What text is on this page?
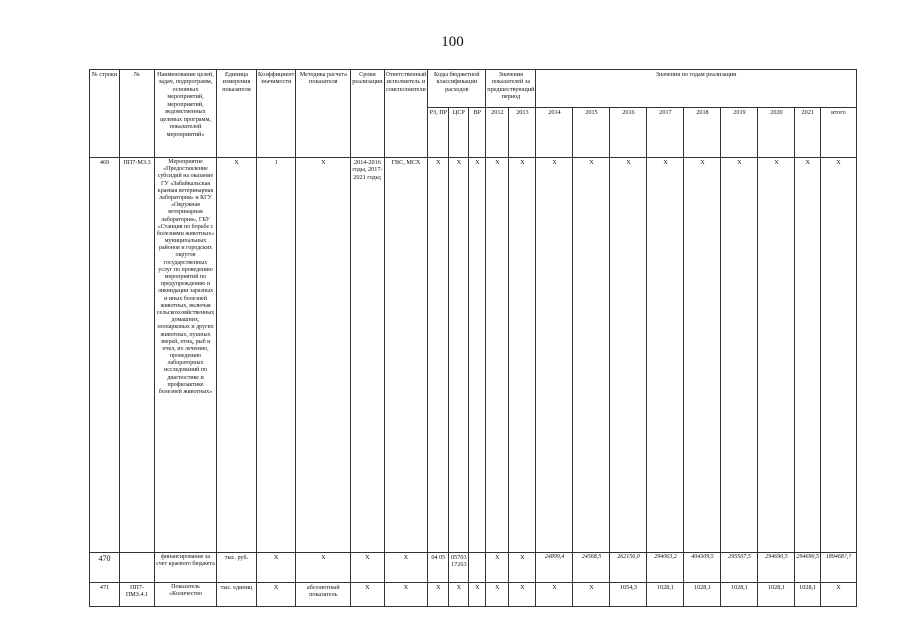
100
№ строки	№	Наименование целей, задач, подпрограмм, основных мероприятий, мероприятий, ведомственных целевых программ, показателей мероприятий»	Единица измерения показателя	Коэффициент значимости	Методика расчета показателя	Сроки реализации	Ответственный исполнитель и соисполнители	Коды бюджетной классификации расходов			Значения показателей за предшествующий период		Значения по годам реализации								
								РЗ, ПР	ЦСР	ВР	2012	2013	2014	2015	2016	2017	2018	2019	2020	2021	итого
469	ПП7-МЗ.3	Мероприятие «Предоставление субсидий на оказание ГУ «Забайкальская краевая ветеринарная лаборатория» и КГУ «Окружная ветеринарная лаборатория», ГБУ «Станция по борьбе с болезнями животных» муниципальных районов и городских округов государственных услуг по проведению мероприятий по предупреждению и ликвидации заразных и иных болезней животных, включая сельскохозяйственных домашних, зоопарковых и других животных, пушных зверей, птиц, рыб и пчел, их лечению, проведению лабораторных исследований по диагностике и профилактике болезней животных»	Х	1	Х	2014-2016 годы, 2017-2021 годы;	ГВС, МСХ	Х	Х	Х	Х	Х	Х	Х	Х	Х	Х	Х	Х	Х	Х
470		финансирование за счет краевого бюджета	тыс. руб.	Х	Х	Х	Х	04 05	05703 17263		Х	Х	24899,4	24568,5	262156,0	294063,2	404309,5	295507,5	294690,5	294690,5	189468?,?
471	ПП7-ПМЗ.4.1	Показатель «Количество	тыс. единиц	Х	абсолютный показатель	Х	Х	Х	Х	Х	Х	Х	Х	Х	1054,3	1028,1	1028,1	1028,1	1028,1	1028,1	Х
